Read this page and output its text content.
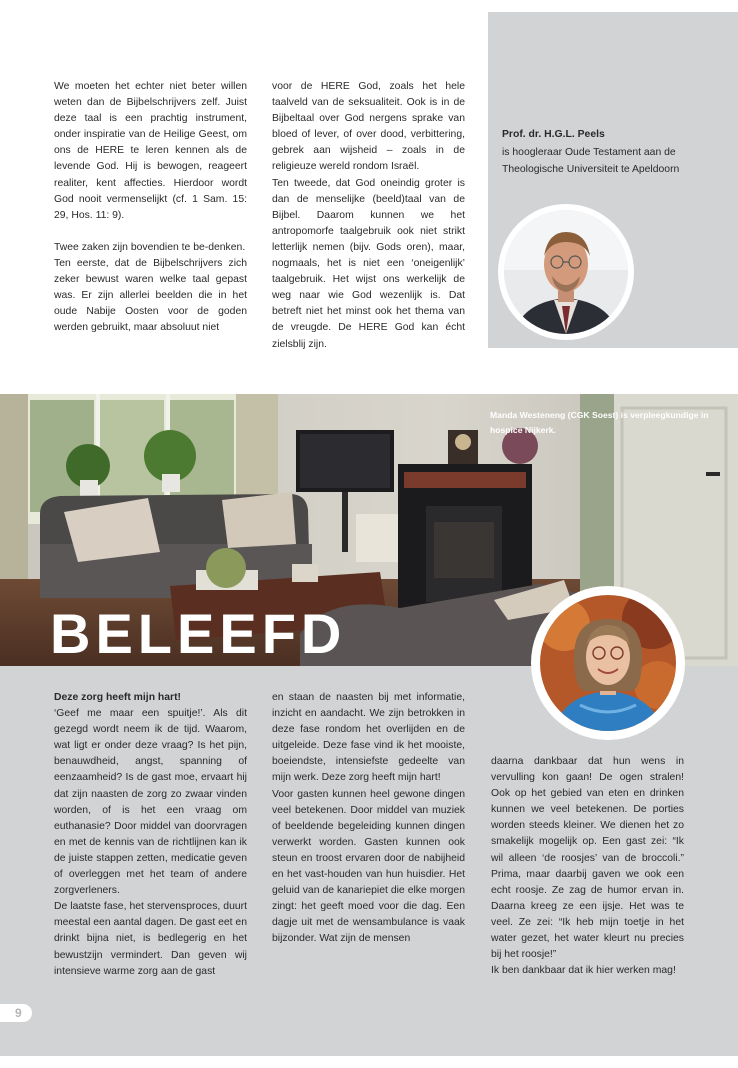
We moeten het echter niet beter willen weten dan de Bijbelschrijvers zelf. Juist deze taal is een prachtig instrument, onder inspiratie van de Heilige Geest, om ons de HERE te leren kennen als de levende God. Hij is bewogen, reageert realiter, kent affecties. Hierdoor wordt God nooit vermenselijkt (cf. 1 Sam. 15: 29, Hos. 11: 9).

Twee zaken zijn bovendien te be-denken.

Ten eerste, dat de Bijbelschrijvers zich zeker bewust waren welke taal gepast was. Er zijn allerlei beelden die in het oude Nabije Oosten voor de goden werden gebruikt, maar absoluut niet

voor de HERE God, zoals het hele taalveld van de seksualiteit. Ook is in de Bijbeltaal over God nergens sprake van bloed of lever, of over dood, verbittering, gebrek aan wijsheid – zoals in de religieuze wereld rondom Israël.

Ten tweede, dat God oneindig groter is dan de menselijke (beeld)taal van de Bijbel. Daarom kunnen we het antropomorfe taalgebruik ook niet strikt letterlijk nemen (bijv. Gods oren), maar, nogmaals, het is niet een ‘oneigenlijk’ taalgebruik. Het wijst ons werkelijk de weg naar wie God wezenlijk is. Dat betreft niet het minst ook het thema van de vreugde. De HERE God kan écht zielsblij zijn.

Prof. dr. H.G.L. Peels
is hoogleraar Oude Testament aan de Theologische Universiteit te Apeldoorn
Manda Westeneng (CGK Soest) is verpleegkundige in hospice Nijkerk.
BELEEFD

Deze zorg heeft mijn hart!

‘Geef me maar een spuitje!’. Als dit gezegd wordt neem ik de tijd. Waarom, wat ligt er onder deze vraag? Is het pijn, benauwdheid, angst, spanning of eenzaamheid? Is de gast moe, ervaart hij dat zijn naasten de zorg zo zwaar vinden worden, of is het een vraag om euthanasie? Door middel van doorvragen en met de kennis van de richtlijnen kan ik de juiste stappen zetten, medicatie geven of overleggen met het team of andere zorgverleners.

De laatste fase, het stervensproces, duurt meestal een aantal dagen. De gast eet en drinkt bijna niet, is bedlegerig en het bewustzijn vermindert. Dan geven wij intensieve warme zorg aan de gast

en staan de naasten bij met informatie, inzicht en aandacht. We zijn betrokken in deze fase rondom het overlijden en de uitgeleide. Deze fase vind ik het mooiste, boeiendste, intensiefste gedeelte van mijn werk. Deze zorg heeft mijn hart!

Voor gasten kunnen heel gewone dingen veel betekenen. Door middel van muziek of beeldende begeleiding kunnen dingen verwerkt worden. Gasten kunnen ook steun en troost ervaren door de nabijheid en het vast-houden van hun huisdier. Het geluid van de kanariepiet die elke morgen zingt: het geeft moed voor die dag. Een dagje uit met de wensambulance is vaak bijzonder. Wat zijn de mensen

daarna dankbaar dat hun wens in vervulling kon gaan! De ogen stralen! Ook op het gebied van eten en drinken kunnen we veel betekenen. De porties worden steeds kleiner. We dienen het zo smakelijk mogelijk op. Een gast zei: “Ik wil alleen ‘de roosjes’ van de broccoli.” Prima, maar daarbij gaven we ook een echt roosje. Ze zag de humor ervan in. Daarna kreeg ze een ijsje. Het was te veel. Ze zei: “Ik heb mijn toetje in het water gezet, het water kleurt nu precies bij het roosje!”

Ik ben dankbaar dat ik hier werken mag!

9
